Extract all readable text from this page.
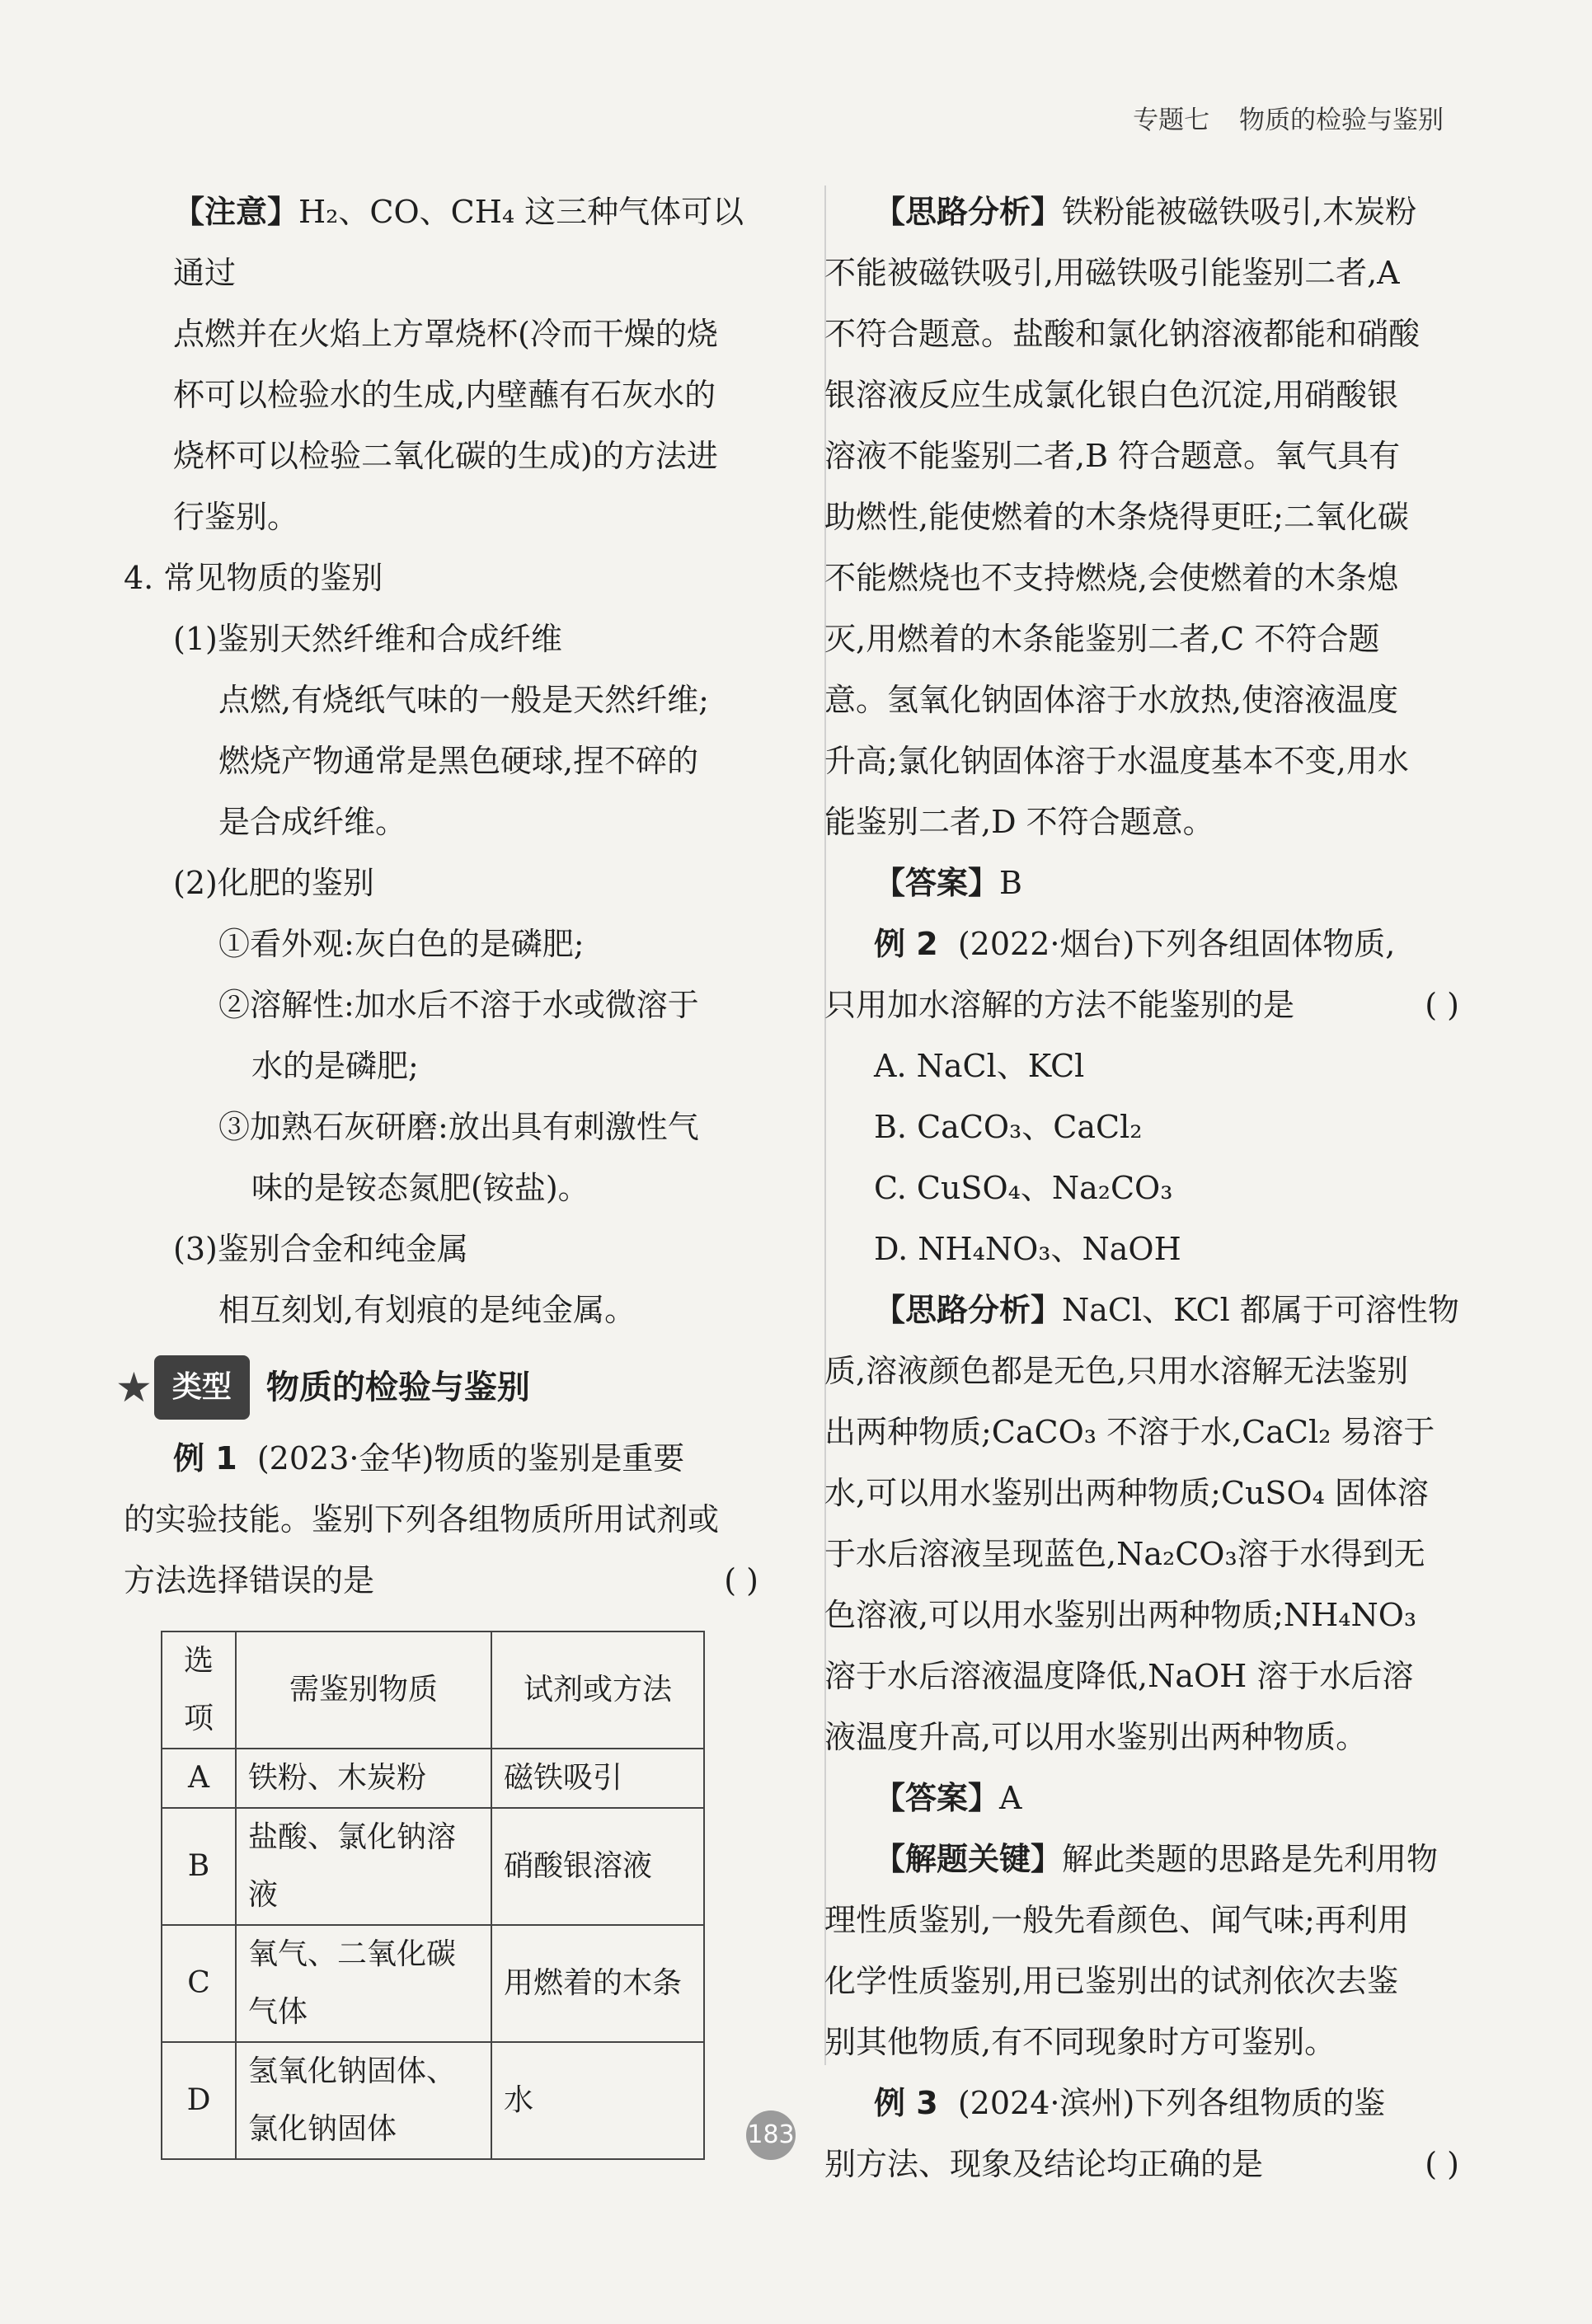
专题七 物质的检验与鉴别

【注意】H₂、CO、CH₄ 这三种气体可以通过

点燃并在火焰上方罩烧杯(冷而干燥的烧

杯可以检验水的生成,内壁蘸有石灰水的

烧杯可以检验二氧化碳的生成)的方法进

行鉴别。

4. 常见物质的鉴别

(1)鉴别天然纤维和合成纤维

点燃,有烧纸气味的一般是天然纤维;

燃烧产物通常是黑色硬球,捏不碎的

是合成纤维。

(2)化肥的鉴别

①看外观:灰白色的是磷肥;

②溶解性:加水后不溶于水或微溶于

水的是磷肥;

③加熟石灰研磨:放出具有刺激性气

味的是铵态氮肥(铵盐)。

(3)鉴别合金和纯金属

相互刻划,有划痕的是纯金属。

★ 类型	物质的检验与鉴别

例 1 (2023·金华)物质的鉴别是重要

的实验技能。鉴别下列各组物质所用试剂或

方法选择错误的是	( )

选项	需鉴别物质	试剂或方法
A	铁粉、木炭粉	磁铁吸引
B	盐酸、氯化钠溶液	硝酸银溶液
C	氧气、二氧化碳气体	用燃着的木条
D	氢氧化钠固体、氯化钠固体	水

【思路分析】铁粉能被磁铁吸引,木炭粉

不能被磁铁吸引,用磁铁吸引能鉴别二者,A

不符合题意。盐酸和氯化钠溶液都能和硝酸

银溶液反应生成氯化银白色沉淀,用硝酸银

溶液不能鉴别二者,B 符合题意。氧气具有

助燃性,能使燃着的木条烧得更旺;二氧化碳

不能燃烧也不支持燃烧,会使燃着的木条熄

灭,用燃着的木条能鉴别二者,C 不符合题

意。氢氧化钠固体溶于水放热,使溶液温度

升高;氯化钠固体溶于水温度基本不变,用水

能鉴别二者,D 不符合题意。

【答案】B

例 2 (2022·烟台)下列各组固体物质,

只用加水溶解的方法不能鉴别的是	( )

A. NaCl、KCl

B. CaCO₃、CaCl₂

C. CuSO₄、Na₂CO₃

D. NH₄NO₃、NaOH

【思路分析】NaCl、KCl 都属于可溶性物

质,溶液颜色都是无色,只用水溶解无法鉴别

出两种物质;CaCO₃ 不溶于水,CaCl₂ 易溶于

水,可以用水鉴别出两种物质;CuSO₄ 固体溶

于水后溶液呈现蓝色,Na₂CO₃溶于水得到无

色溶液,可以用水鉴别出两种物质;NH₄NO₃

溶于水后溶液温度降低,NaOH 溶于水后溶

液温度升高,可以用水鉴别出两种物质。

【答案】A

【解题关键】解此类题的思路是先利用物

理性质鉴别,一般先看颜色、闻气味;再利用

化学性质鉴别,用已鉴别出的试剂依次去鉴

别其他物质,有不同现象时方可鉴别。

例 3 (2024·滨州)下列各组物质的鉴

别方法、现象及结论均正确的是	( )

183
